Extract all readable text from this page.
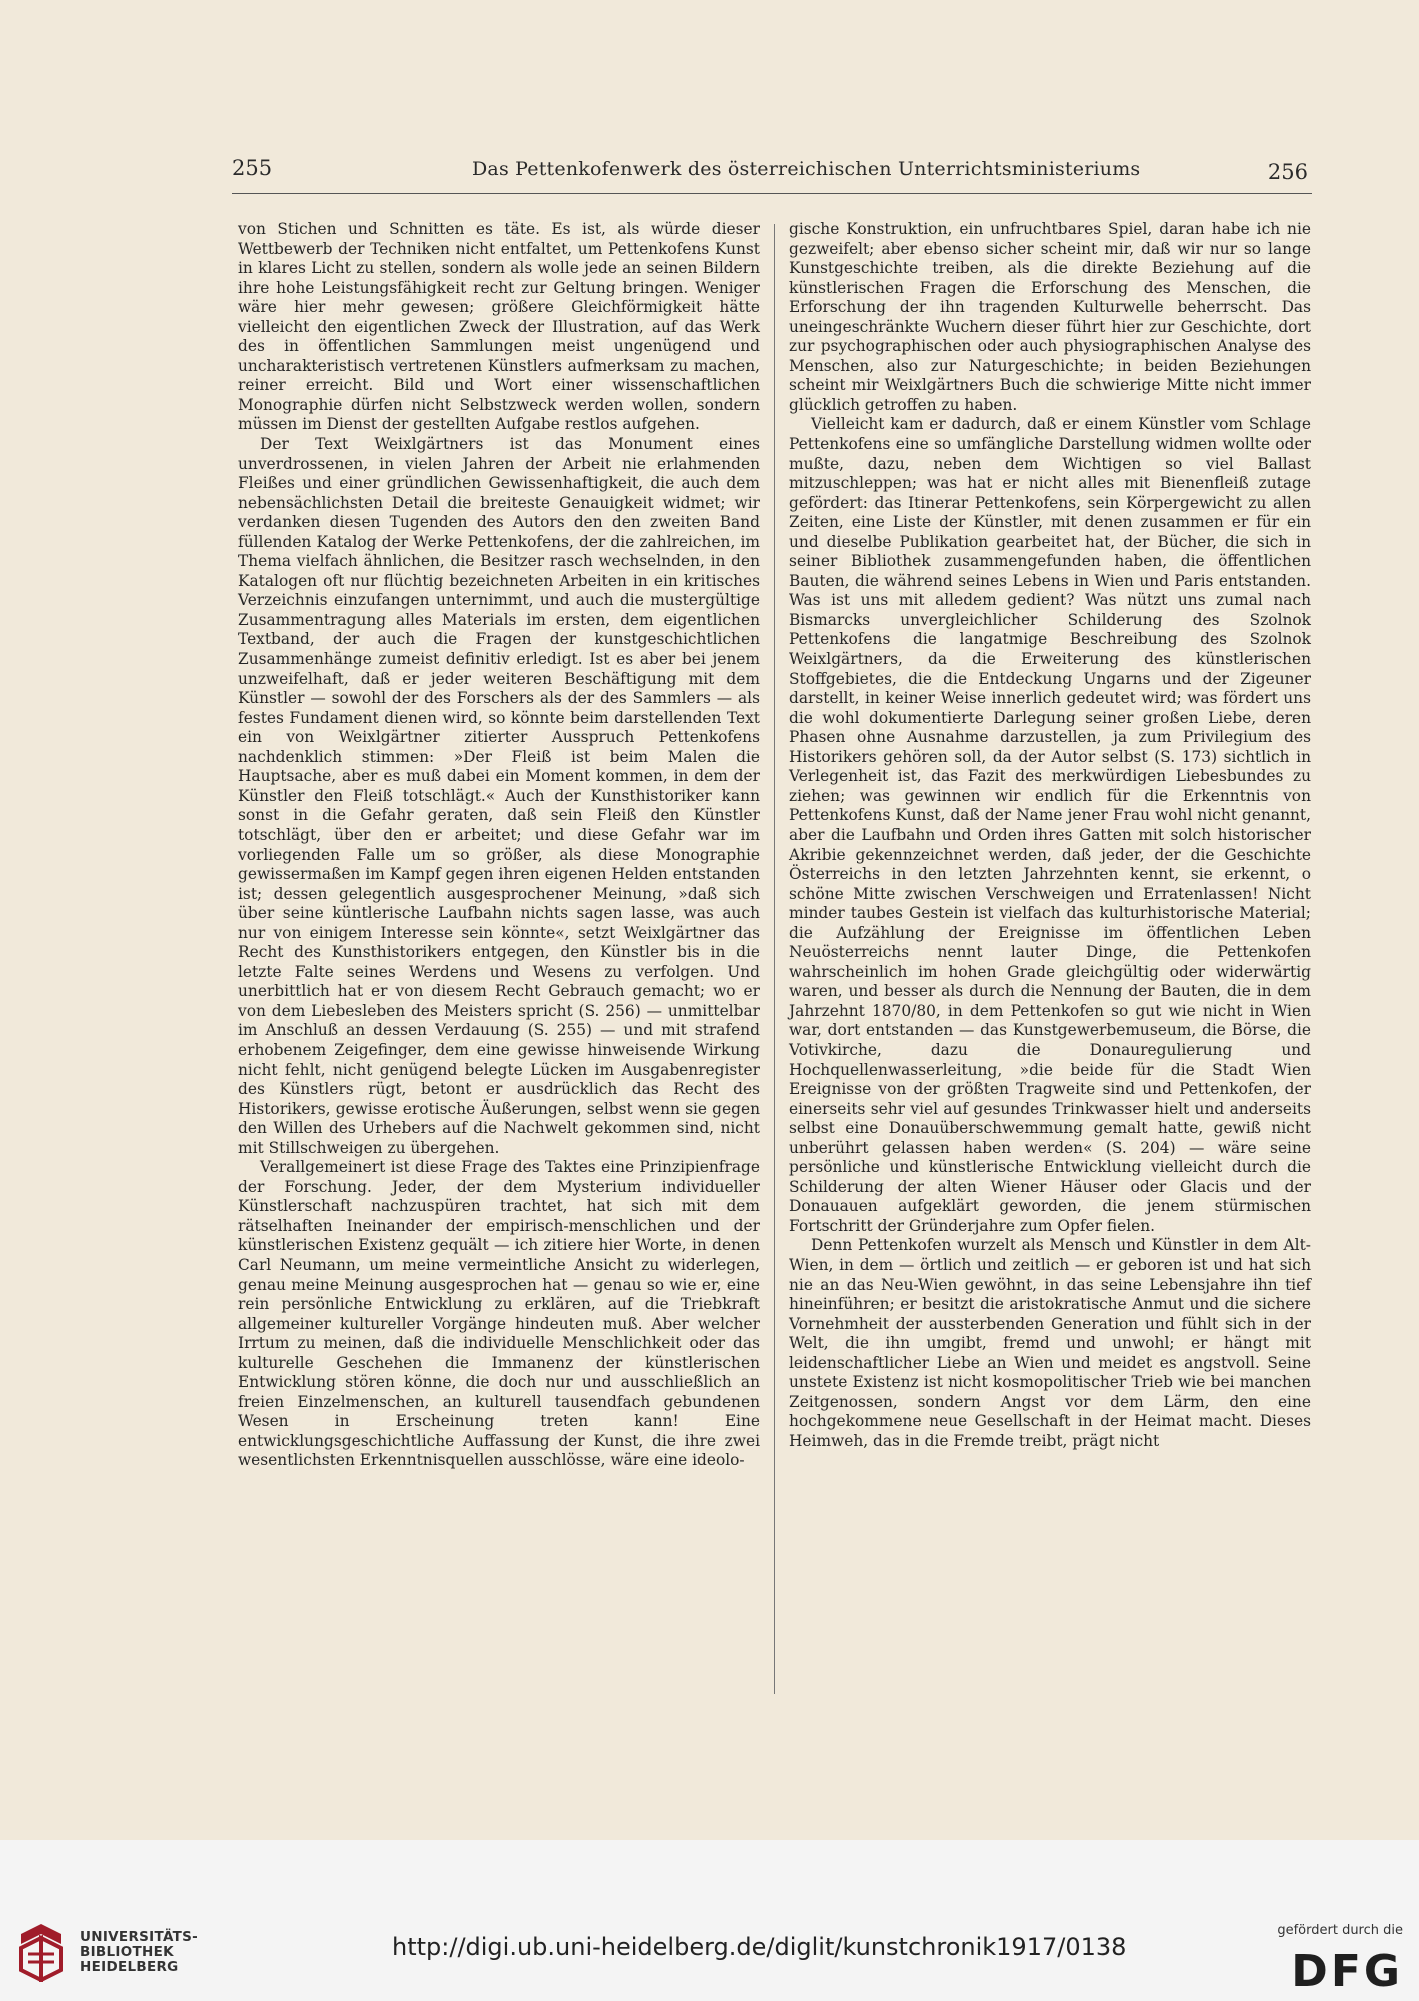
255	Das Pettenkofenwerk des österreichischen Unterrichtsministeriums	256

von Stichen und Schnitten es täte. Es ist, als würde dieser Wettbewerb der Techniken nicht entfaltet, um Pettenkofens Kunst in klares Licht zu stellen, sondern als wolle jede an seinen Bildern ihre hohe Leistungsfähigkeit recht zur Geltung bringen. Weniger wäre hier mehr gewesen; größere Gleichförmigkeit hätte vielleicht den eigentlichen Zweck der Illustration, auf das Werk des in öffentlichen Sammlungen meist ungenügend und uncharakteristisch vertretenen Künstlers aufmerksam zu machen, reiner erreicht. Bild und Wort einer wissenschaftlichen Monographie dürfen nicht Selbstzweck werden wollen, sondern müssen im Dienst der gestellten Aufgabe restlos aufgehen.

Der Text Weixlgärtners ist das Monument eines unverdrossenen, in vielen Jahren der Arbeit nie erlahmenden Fleißes und einer gründlichen Gewissenhaftigkeit, die auch dem nebensächlichsten Detail die breiteste Genauigkeit widmet; wir verdanken diesen Tugenden des Autors den den zweiten Band füllenden Katalog der Werke Pettenkofens, der die zahlreichen, im Thema vielfach ähnlichen, die Besitzer rasch wechselnden, in den Katalogen oft nur flüchtig bezeichneten Arbeiten in ein kritisches Verzeichnis einzufangen unternimmt, und auch die mustergültige Zusammentragung alles Materials im ersten, dem eigentlichen Textband, der auch die Fragen der kunstgeschichtlichen Zusammenhänge zumeist definitiv erledigt. Ist es aber bei jenem unzweifelhaft, daß er jeder weiteren Beschäftigung mit dem Künstler — sowohl der des Forschers als der des Sammlers — als festes Fundament dienen wird, so könnte beim darstellenden Text ein von Weixlgärtner zitierter Ausspruch Pettenkofens nachdenklich stimmen: »Der Fleiß ist beim Malen die Hauptsache, aber es muß dabei ein Moment kommen, in dem der Künstler den Fleiß totschlägt.« Auch der Kunsthistoriker kann sonst in die Gefahr geraten, daß sein Fleiß den Künstler totschlägt, über den er arbeitet; und diese Gefahr war im vorliegenden Falle um so größer, als diese Monographie gewissermaßen im Kampf gegen ihren eigenen Helden entstanden ist; dessen gelegentlich ausgesprochener Meinung, »daß sich über seine küntlerische Laufbahn nichts sagen lasse, was auch nur von einigem Interesse sein könnte«, setzt Weixlgärtner das Recht des Kunsthistorikers entgegen, den Künstler bis in die letzte Falte seines Werdens und Wesens zu verfolgen. Und unerbittlich hat er von diesem Recht Gebrauch gemacht; wo er von dem Liebesleben des Meisters spricht (S. 256) — unmittelbar im Anschluß an dessen Verdauung (S. 255) — und mit strafend erhobenem Zeigefinger, dem eine gewisse hinweisende Wirkung nicht fehlt, nicht genügend belegte Lücken im Ausgabenregister des Künstlers rügt, betont er ausdrücklich das Recht des Historikers, gewisse erotische Äußerungen, selbst wenn sie gegen den Willen des Urhebers auf die Nachwelt gekommen sind, nicht mit Stillschweigen zu übergehen.

Verallgemeinert ist diese Frage des Taktes eine Prinzipienfrage der Forschung. Jeder, der dem Mysterium individueller Künstlerschaft nachzuspüren trachtet, hat sich mit dem rätselhaften Ineinander der empirisch-menschlichen und der künstlerischen Existenz gequält — ich zitiere hier Worte, in denen Carl Neumann, um meine vermeintliche Ansicht zu widerlegen, genau meine Meinung ausgesprochen hat — genau so wie er, eine rein persönliche Entwicklung zu erklären, auf die Triebkraft allgemeiner kultureller Vorgänge hindeuten muß. Aber welcher Irrtum zu meinen, daß die individuelle Menschlichkeit oder das kulturelle Geschehen die Immanenz der künstlerischen Entwicklung stören könne, die doch nur und ausschließlich an freien Einzelmenschen, an kulturell tausendfach gebundenen Wesen in Erscheinung treten kann! Eine entwicklungsgeschichtliche Auffassung der Kunst, die ihre zwei wesentlichsten Erkenntnisquellen ausschlösse, wäre eine ideolo-

gische Konstruktion, ein unfruchtbares Spiel, daran habe ich nie gezweifelt; aber ebenso sicher scheint mir, daß wir nur so lange Kunstgeschichte treiben, als die direkte Beziehung auf die künstlerischen Fragen die Erforschung des Menschen, die Erforschung der ihn tragenden Kulturwelle beherrscht. Das uneingeschränkte Wuchern dieser führt hier zur Geschichte, dort zur psychographischen oder auch physiographischen Analyse des Menschen, also zur Naturgeschichte; in beiden Beziehungen scheint mir Weixlgärtners Buch die schwierige Mitte nicht immer glücklich getroffen zu haben.

Vielleicht kam er dadurch, daß er einem Künstler vom Schlage Pettenkofens eine so umfängliche Darstellung widmen wollte oder mußte, dazu, neben dem Wichtigen so viel Ballast mitzuschleppen; was hat er nicht alles mit Bienenfleiß zutage gefördert: das Itinerar Pettenkofens, sein Körpergewicht zu allen Zeiten, eine Liste der Künstler, mit denen zusammen er für ein und dieselbe Publikation gearbeitet hat, der Bücher, die sich in seiner Bibliothek zusammengefunden haben, die öffentlichen Bauten, die während seines Lebens in Wien und Paris entstanden. Was ist uns mit alledem gedient? Was nützt uns zumal nach Bismarcks unvergleichlicher Schilderung des Szolnok Pettenkofens die langatmige Beschreibung des Szolnok Weixlgärtners, da die Erweiterung des künstlerischen Stoffgebietes, die die Entdeckung Ungarns und der Zigeuner darstellt, in keiner Weise innerlich gedeutet wird; was fördert uns die wohl dokumentierte Darlegung seiner großen Liebe, deren Phasen ohne Ausnahme darzustellen, ja zum Privilegium des Historikers gehören soll, da der Autor selbst (S. 173) sichtlich in Verlegenheit ist, das Fazit des merkwürdigen Liebesbundes zu ziehen; was gewinnen wir endlich für die Erkenntnis von Pettenkofens Kunst, daß der Name jener Frau wohl nicht genannt, aber die Laufbahn und Orden ihres Gatten mit solch historischer Akribie gekennzeichnet werden, daß jeder, der die Geschichte Österreichs in den letzten Jahrzehnten kennt, sie erkennt, o schöne Mitte zwischen Verschweigen und Erratenlassen! Nicht minder taubes Gestein ist vielfach das kulturhistorische Material; die Aufzählung der Ereignisse im öffentlichen Leben Neuösterreichs nennt lauter Dinge, die Pettenkofen wahrscheinlich im hohen Grade gleichgültig oder widerwärtig waren, und besser als durch die Nennung der Bauten, die in dem Jahrzehnt 1870/80, in dem Pettenkofen so gut wie nicht in Wien war, dort entstanden — das Kunstgewerbemuseum, die Börse, die Votivkirche, dazu die Donauregulierung und Hochquellenwasserleitung, »die beide für die Stadt Wien Ereignisse von der größten Tragweite sind und Pettenkofen, der einerseits sehr viel auf gesundes Trinkwasser hielt und anderseits selbst eine Donauüberschwemmung gemalt hatte, gewiß nicht unberührt gelassen haben werden« (S. 204) — wäre seine persönliche und künstlerische Entwicklung vielleicht durch die Schilderung der alten Wiener Häuser oder Glacis und der Donauauen aufgeklärt geworden, die jenem stürmischen Fortschritt der Gründerjahre zum Opfer fielen.

Denn Pettenkofen wurzelt als Mensch und Künstler in dem Alt-Wien, in dem — örtlich und zeitlich — er geboren ist und hat sich nie an das Neu-Wien gewöhnt, in das seine Lebensjahre ihn tief hineinführen; er besitzt die aristokratische Anmut und die sichere Vornehmheit der aussterbenden Generation und fühlt sich in der Welt, die ihn umgibt, fremd und unwohl; er hängt mit leidenschaftlicher Liebe an Wien und meidet es angstvoll. Seine unstete Existenz ist nicht kosmopolitischer Trieb wie bei manchen Zeitgenossen, sondern Angst vor dem Lärm, den eine hochgekommene neue Gesellschaft in der Heimat macht. Dieses Heimweh, das in die Fremde treibt, prägt nicht

UNIVERSITÄTS-
BIBLIOTHEK
HEIDELBERG
http://digi.ub.uni-heidelberg.de/diglit/kunstchronik1917/0138
gefördert durch die
DFG
